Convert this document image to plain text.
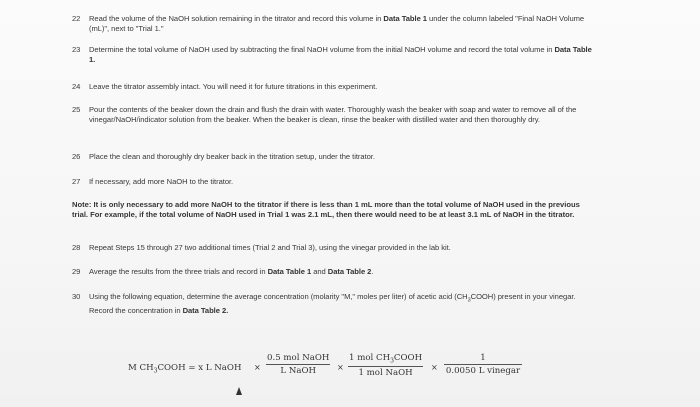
22	Read the volume of the NaOH solution remaining in the titrator and record this volume in Data Table 1 under the column labeled "Final NaOH Volume (mL)", next to "Trial 1."
23	Determine the total volume of NaOH used by subtracting the final NaOH volume from the initial NaOH volume and record the total volume in Data Table 1.
24	Leave the titrator assembly intact. You will need it for future titrations in this experiment.
25	Pour the contents of the beaker down the drain and flush the drain with water. Thoroughly wash the beaker with soap and water to remove all of the vinegar/NaOH/indicator solution from the beaker. When the beaker is clean, rinse the beaker with distilled water and then thoroughly dry.
26	Place the clean and thoroughly dry beaker back in the titration setup, under the titrator.
27	If necessary, add more NaOH to the titrator.
Note: It is only necessary to add more NaOH to the titrator if there is less than 1 mL more than the total volume of NaOH used in the previous trial. For example, if the total volume of NaOH used in Trial 1 was 2.1 mL, then there would need to be at least 3.1 mL of NaOH in the titrator.
28	Repeat Steps 15 through 27 two additional times (Trial 2 and Trial 3), using the vinegar provided in the lab kit.
29	Average the results from the three trials and record in Data Table 1 and Data Table 2.
30	Using the following equation, determine the average concentration (molarity "M," moles per liter) of acetic acid $(CH_3COOH)$ present in your vinegar. Record the concentration in Data Table 2.
M $CH_3COOH = x$ L NaOH ×
0.5 mol NaOH
L NaOH	×
1 mol $CH_3COOH$
1 mol NaOH
×
1
0.0050 L vinegar
